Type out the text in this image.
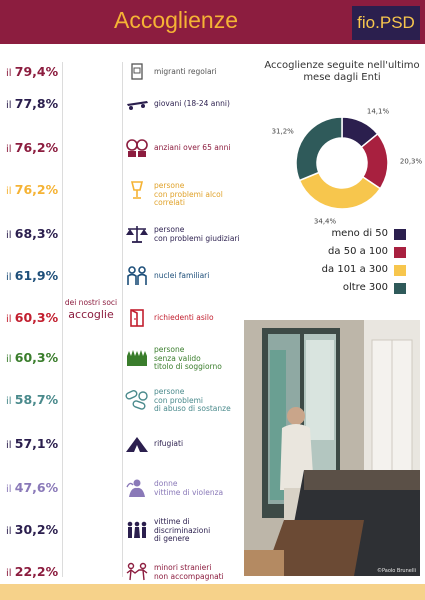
Accoglienze	fio.PSD
il 79,4%	migranti regolari
il 77,8%	giovani (18-24 anni)
il 76,2%	anziani over 65 anni
il 76,2%	persone
con problemi alcol correlati
il 68,3%	persone
con problemi giudiziari
il 61,9%	nuclei familiari
il 60,3%	richiedenti asilo
il 60,3%
persone
senza valido
titolo di soggiorno
il 58,7%
persone
con problemi
di abuso di sostanze
il 57,1%	rifugiati
il 47,6%	donne
vittime di violenza
il 30,2%
vittime di
discriminazioni
di genere
il 22,2%	minori stranieri
non accompagnati
dei nostri soci
accoglie
Accoglienze seguite nell'ultimo mese dagli Enti
14,1%
20,3%
34,4%
31,2%
meno di 50
da 50 a 100
da 101 a 300
oltre 300
©Paolo Brunelli
